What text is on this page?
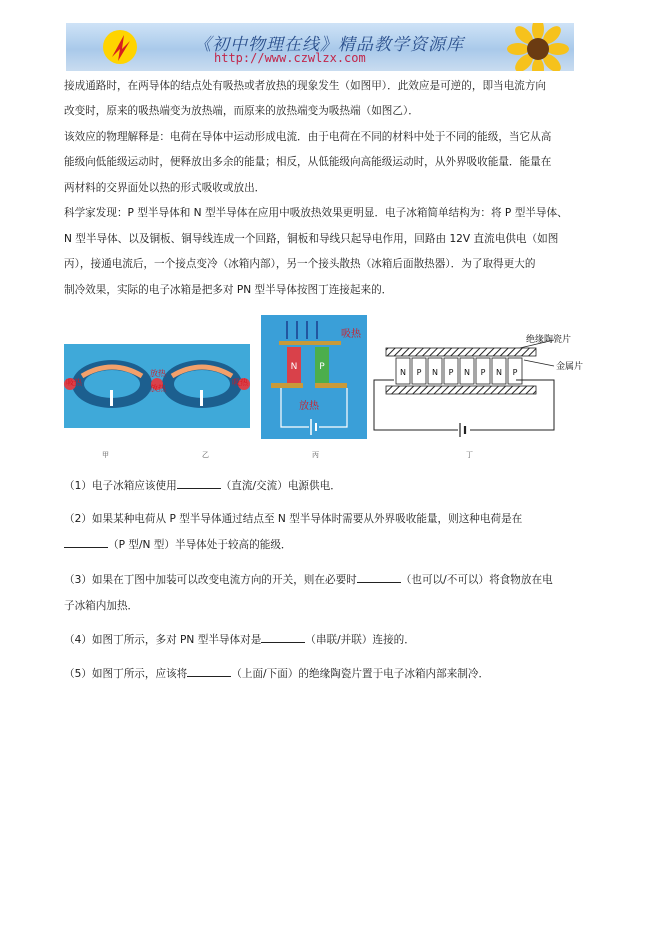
《初中物理在线》精品教学资源库
http://www.czwlzx.com
接成通路时，在两导体的结点处有吸热或者放热的现象发生（如图甲）．此效应是可逆的，即当电流方向
改变时，原来的吸热端变为放热端，而原来的放热端变为吸热端（如图乙）．
该效应的物理解释是：电荷在导体中运动形成电流．由于电荷在不同的材料中处于不同的能级，当它从高
能级向低能级运动时，便释放出多余的能量；相反，从低能级向高能级运动时，从外界吸收能量．能量在
两材料的交界面处以热的形式吸收或放出．
科学家发现：P 型半导体和 N 型半导体在应用中吸放热效果更明显．电子冰箱简单结构为：将 P 型半导体、
N 型半导体、以及铜板、铜导线连成一个回路，铜板和导线只起导电作用，回路由 12V 直流电供电（如图
丙），接通电流后，一个接点变冷（冰箱内部），另一个接头散热（冰箱后面散热器）．为了取得更大的
制冷效果，实际的电子冰箱是把多对 PN 型半导体按图丁连接起来的．
N P
吸热
放热
N P N P N P N P
绝缘陶瓷片
金属片
甲	乙	丙	丁
（1）电子冰箱应该使用	（直流/交流）电源供电．
（2）如果某种电荷从 P 型半导体通过结点至 N 型半导体时需要从外界吸收能量，则这种电荷是在
（P 型/N 型）半导体处于较高的能级．
（3）如果在丁图中加装可以改变电流方向的开关，则在必要时	（也可以/不可以）将食物放在电
子冰箱内加热．
（4）如图丁所示，多对 PN 型半导体对是	（串联/并联）连接的．
（5）如图丁所示，应该将	（上面/下面）的绝缘陶瓷片置于电子冰箱内部来制冷．
吸热
放热
放热
吸热
